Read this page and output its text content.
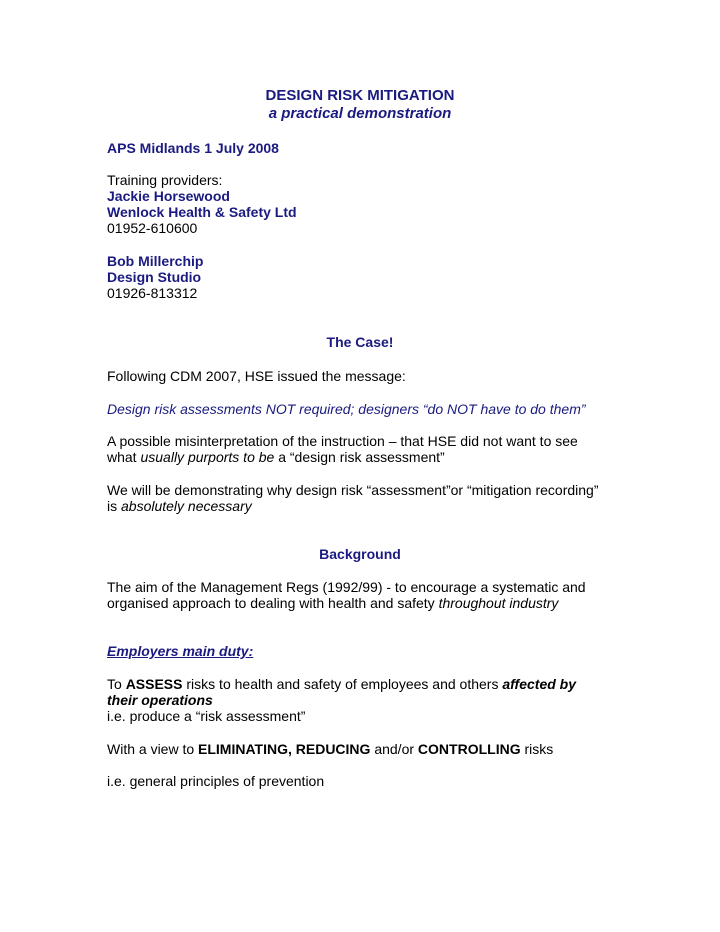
DESIGN RISK MITIGATION
a practical demonstration
APS Midlands 1 July 2008
Training providers:
Jackie Horsewood
Wenlock Health & Safety Ltd
01952-610600
Bob Millerchip
Design Studio
01926-813312
The Case!
Following CDM 2007, HSE issued the message:
Design risk assessments NOT required; designers “do NOT have to do them”
A possible misinterpretation of the instruction – that HSE did not want to see
what usually purports to be a “design risk assessment”
We will be demonstrating why design risk “assessment”or “mitigation recording”
is absolutely necessary
Background
The aim of the Management Regs (1992/99) - to encourage a systematic and
organised approach to dealing with health and safety throughout industry
Employers main duty:
To ASSESS risks to health and safety of employees and others affected by
their operations
i.e. produce a “risk assessment”
With a view to ELIMINATING, REDUCING and/or CONTROLLING risks
i.e. general principles of prevention
